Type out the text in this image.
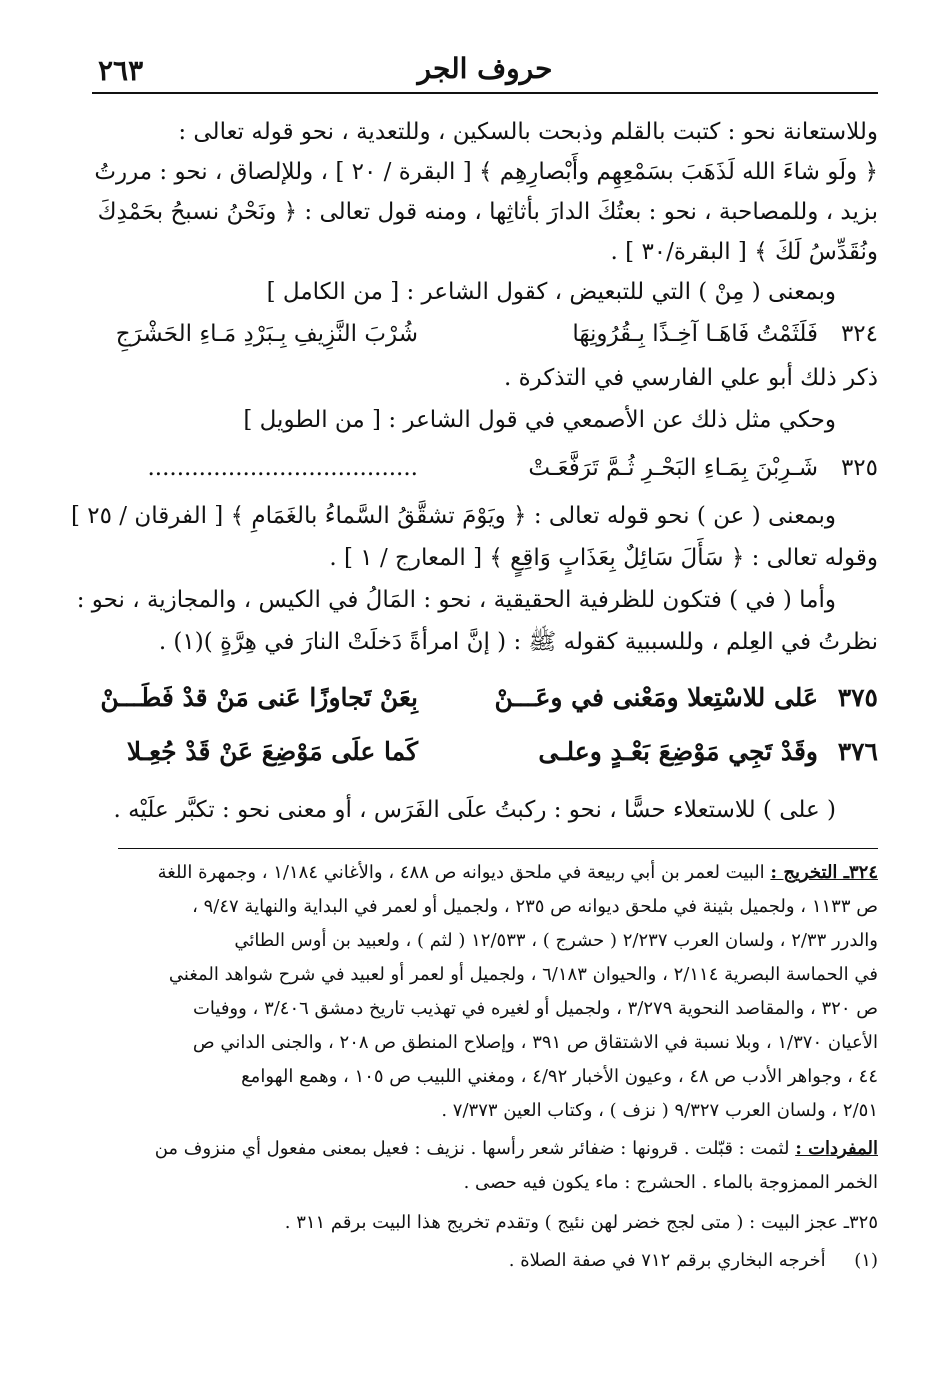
٢٦٣	حروف الجر
وللاستعانة نحو : كتبت بالقلم وذبحت بالسكين ، وللتعدية ، نحو قوله تعالى :
﴿ ولَو شاءَ الله لَذَهَبَ بسَمْعِهِم وأَبْصارِهِم ﴾ [ البقرة / ٢٠ ] ، وللإلصاق ، نحو : مررتُ
بزيد ، وللمصاحبة ، نحو : بعتُكَ الدارَ بأثاثِها ، ومنه قول تعالى : ﴿ ونَحْنُ نسبحُ بحَمْدِكَ
ونُقَدِّسُ لَكَ ﴾ [ البقرة/٣٠ ] .
وبمعنى ( مِنْ ) التي للتبعيض ، كقول الشاعر : [ من الكامل ]
٣٢٤
فَلَثَمْتُ فَاهَـا آخِـذًا بِـقُرُونِهَا
شُرْبَ النَّزِيفِ بِـبَرْدِ مَـاءِ الحَشْرَجِ
ذكر ذلك أبو علي الفارسي في التذكرة .
وحكي مثل ذلك عن الأصمعي في قول الشاعر : [ من الطويل ]
٣٢٥
شَـرِبْنَ بِمَـاءِ البَحْـرِ ثُـمَّ تَرَفَّعَـتْ
.....................................
وبمعنى ( عن ) نحو قوله تعالى : ﴿ ويَوْمَ تشقَّقُ السَّماءُ بالغَمَامِ ﴾ [ الفرقان / ٢٥ ]
وقوله تعالى : ﴿ سَأَلَ سَائِلٌ بِعَذَابٍ وَاقِعٍ ﴾ [ المعارج / ١ ] .
وأما ( في ) فتكون للظرفية الحقيقية ، نحو : المَالُ في الكيس ، والمجازية ، نحو :
نظرتُ في العِلم ، وللسببية كقوله ﷺ : ( إنَّ امرأةً دَخلَتْ النارَ في هِرَّةٍ )(١) .
٣٧٥
عَلى للاسْتِعلا ومَعْنى في وعَـــنْ
بِعَنْ تَجاوزًا عَنى مَنْ قدْ فَطَـــنْ
٣٧٦
وقَدْ تَجِي مَوْضِعَ بَعْـدٍ وعلـى
كَما علَى مَوْضِعَ عَنْ قَدْ جُعِـلا
( على ) للاستعلاء حسًّا ، نحو : ركبتُ علَى الفَرَس ، أو معنى نحو : تكبَّر علَيْه .
٣٢٤ـ التخريج : البيت لعمر بن أبي ربيعة في ملحق ديوانه ص ٤٨٨ ، والأغاني ١/١٨٤ ، وجمهرة اللغة
ص ١١٣٣ ، ولجميل بثينة في ملحق ديوانه ص ٢٣٥ ، ولجميل أو لعمر في البداية والنهاية ٩/٤٧ ،
والدرر ٢/٣٣ ، ولسان العرب ٢/٢٣٧ ( حشرج ) ، ١٢/٥٣٣ ( لثم ) ، ولعبيد بن أوس الطائي
في الحماسة البصرية ٢/١١٤ ، والحيوان ٦/١٨٣ ، ولجميل أو لعمر أو لعبيد في شرح شواهد المغني
ص ٣٢٠ ، والمقاصد النحوية ٣/٢٧٩ ، ولجميل أو لغيره في تهذيب تاريخ دمشق ٣/٤٠٦ ، ووفيات
الأعيان ١/٣٧٠ ، وبلا نسبة في الاشتقاق ص ٣٩١ ، وإصلاح المنطق ص ٢٠٨ ، والجنى الداني ص
٤٤ ، وجواهر الأدب ص ٤٨ ، وعيون الأخبار ٤/٩٢ ، ومغني اللبيب ص ١٠٥ ، وهمع الهوامع
٢/٥١ ، ولسان العرب ٩/٣٢٧ ( نزف ) ، وكتاب العين ٧/٣٧٣ .
المفردات : لثمت : قبّلت . قرونها : ضفائر شعر رأسها . نزيف : فعيل بمعنى مفعول أي منزوف من
الخمر الممزوجة بالماء . الحشرج : ماء يكون فيه حصى .
٣٢٥ـ عجز البيت : ( متى لجج خضر لهن نئيج ) وتقدم تخريج هذا البيت برقم ٣١١ .
(١)     أخرجه البخاري برقم ٧١٢ في صفة الصلاة .
